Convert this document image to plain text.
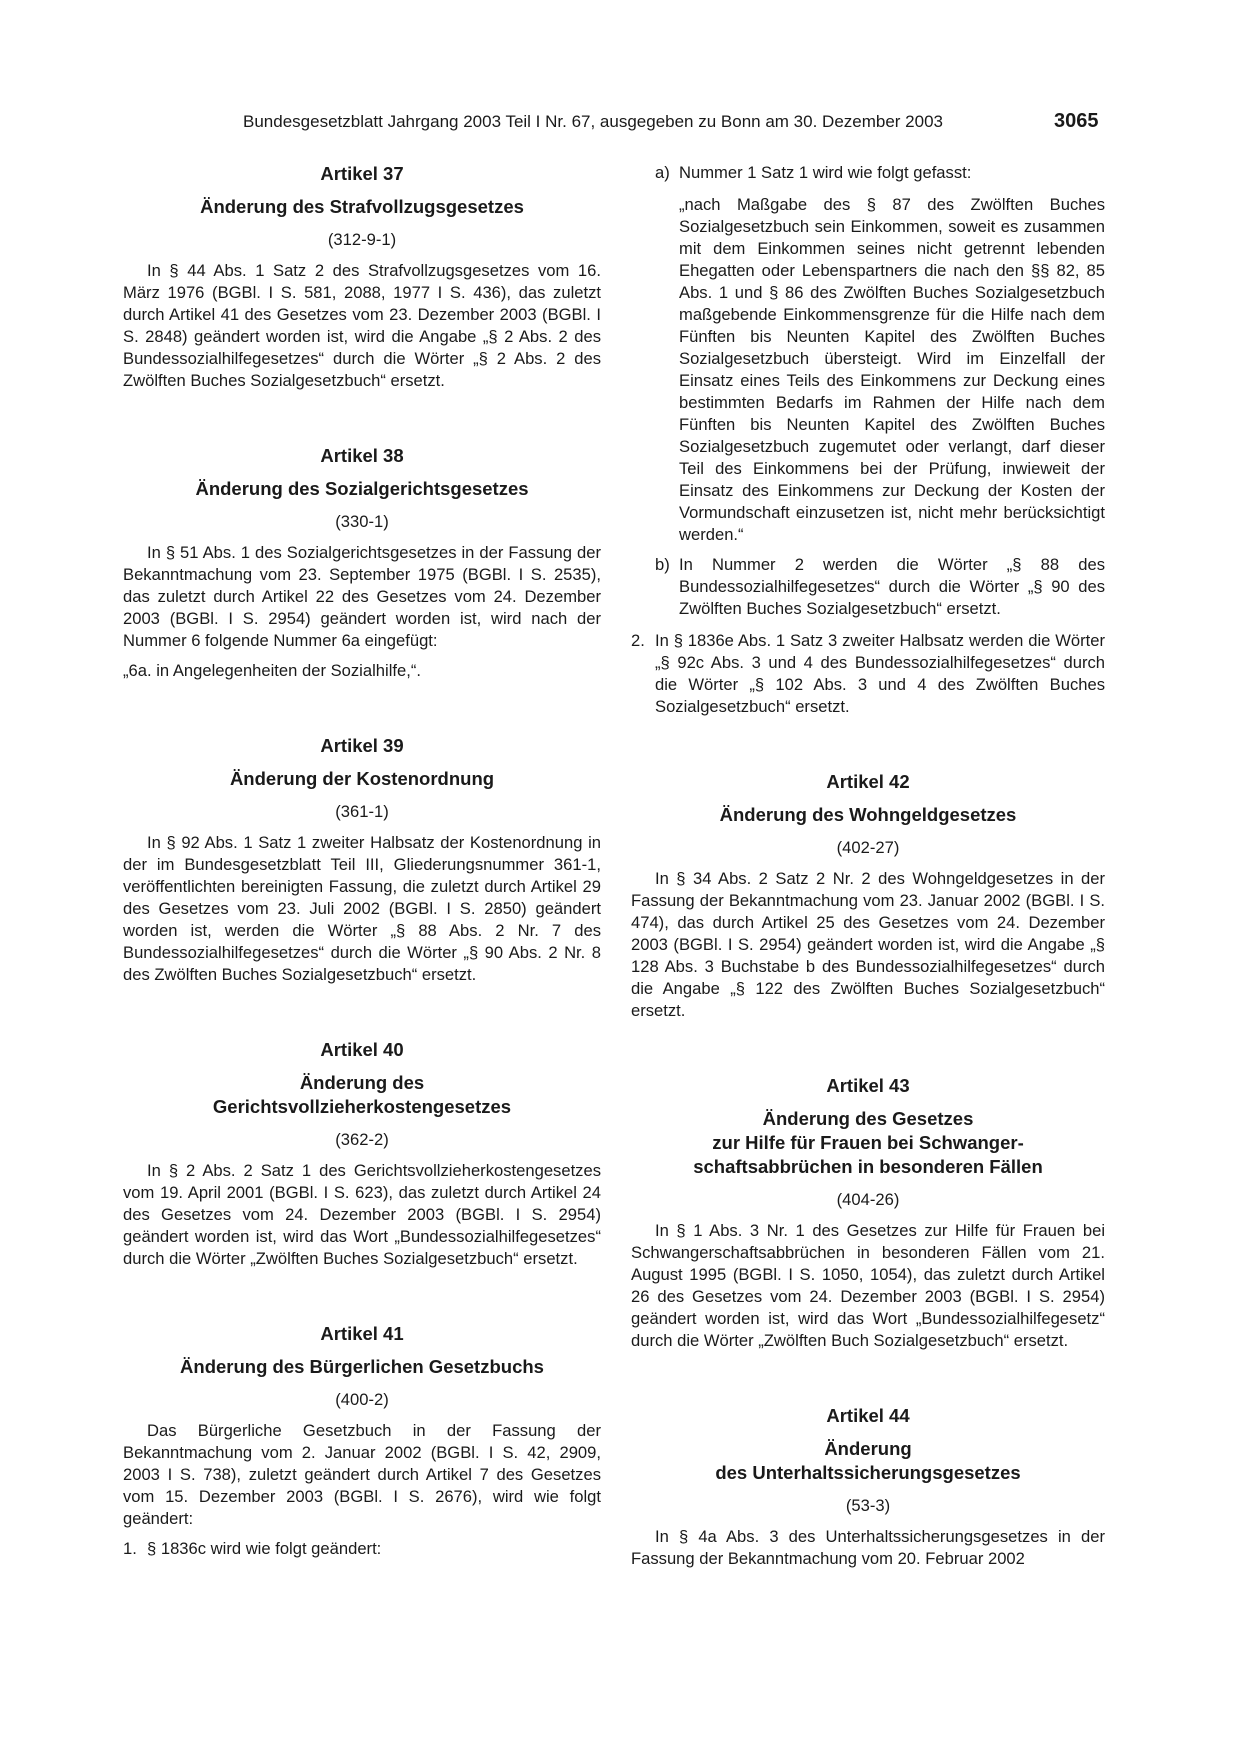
Bundesgesetzblatt Jahrgang 2003 Teil I Nr. 67, ausgegeben zu Bonn am 30. Dezember 2003	3065
Artikel 37
Änderung des Strafvollzugsgesetzes
(312-9-1)

In § 44 Abs. 1 Satz 2 des Strafvollzugsgesetzes vom 16. März 1976 (BGBl. I S. 581, 2088, 1977 I S. 436), das zuletzt durch Artikel 41 des Gesetzes vom 23. Dezember 2003 (BGBl. I S. 2848) geändert worden ist, wird die Angabe „§ 2 Abs. 2 des Bundessozialhilfegesetzes“ durch die Wörter „§ 2 Abs. 2 des Zwölften Buches Sozialgesetzbuch“ ersetzt.

Artikel 38
Änderung des Sozialgerichtsgesetzes
(330-1)

In § 51 Abs. 1 des Sozialgerichtsgesetzes in der Fassung der Bekanntmachung vom 23. September 1975 (BGBl. I S. 2535), das zuletzt durch Artikel 22 des Gesetzes vom 24. Dezember 2003 (BGBl. I S. 2954) geändert worden ist, wird nach der Nummer 6 folgende Nummer 6a eingefügt:

„6a. in Angelegenheiten der Sozialhilfe,“.

Artikel 39
Änderung der Kostenordnung
(361-1)

In § 92 Abs. 1 Satz 1 zweiter Halbsatz der Kostenordnung in der im Bundesgesetzblatt Teil III, Gliederungsnummer 361-1, veröffentlichten bereinigten Fassung, die zuletzt durch Artikel 29 des Gesetzes vom 23. Juli 2002 (BGBl. I S. 2850) geändert worden ist, werden die Wörter „§ 88 Abs. 2 Nr. 7 des Bundessozialhilfegesetzes“ durch die Wörter „§ 90 Abs. 2 Nr. 8 des Zwölften Buches Sozialgesetzbuch“ ersetzt.

Artikel 40
Änderung des
Gerichtsvollzieherkostengesetzes
(362-2)

In § 2 Abs. 2 Satz 1 des Gerichtsvollzieherkostengesetzes vom 19. April 2001 (BGBl. I S. 623), das zuletzt durch Artikel 24 des Gesetzes vom 24. Dezember 2003 (BGBl. I S. 2954) geändert worden ist, wird das Wort „Bundessozialhilfegesetzes“ durch die Wörter „Zwölften Buches Sozialgesetzbuch“ ersetzt.

Artikel 41
Änderung des Bürgerlichen Gesetzbuchs
(400-2)

Das Bürgerliche Gesetzbuch in der Fassung der Bekanntmachung vom 2. Januar 2002 (BGBl. I S. 42, 2909, 2003 I S. 738), zuletzt geändert durch Artikel 7 des Gesetzes vom 15. Dezember 2003 (BGBl. I S. 2676), wird wie folgt geändert:

1. § 1836c wird wie folgt geändert:
a) Nummer 1 Satz 1 wird wie folgt gefasst:

„nach Maßgabe des § 87 des Zwölften Buches Sozialgesetzbuch sein Einkommen, soweit es zusammen mit dem Einkommen seines nicht getrennt lebenden Ehegatten oder Lebenspartners die nach den §§ 82, 85 Abs. 1 und § 86 des Zwölften Buches Sozialgesetzbuch maßgebende Einkommensgrenze für die Hilfe nach dem Fünften bis Neunten Kapitel des Zwölften Buches Sozialgesetzbuch übersteigt. Wird im Einzelfall der Einsatz eines Teils des Einkommens zur Deckung eines bestimmten Bedarfs im Rahmen der Hilfe nach dem Fünften bis Neunten Kapitel des Zwölften Buches Sozialgesetzbuch zugemutet oder verlangt, darf dieser Teil des Einkommens bei der Prüfung, inwieweit der Einsatz des Einkommens zur Deckung der Kosten der Vormundschaft einzusetzen ist, nicht mehr berücksichtigt werden.“

b) In Nummer 2 werden die Wörter „§ 88 des Bundessozialhilfegesetzes“ durch die Wörter „§ 90 des Zwölften Buches Sozialgesetzbuch“ ersetzt.
2. In § 1836e Abs. 1 Satz 3 zweiter Halbsatz werden die Wörter „§ 92c Abs. 3 und 4 des Bundessozialhilfegesetzes“ durch die Wörter „§ 102 Abs. 3 und 4 des Zwölften Buches Sozialgesetzbuch“ ersetzt.
Artikel 42
Änderung des Wohngeldgesetzes
(402-27)

In § 34 Abs. 2 Satz 2 Nr. 2 des Wohngeldgesetzes in der Fassung der Bekanntmachung vom 23. Januar 2002 (BGBl. I S. 474), das durch Artikel 25 des Gesetzes vom 24. Dezember 2003 (BGBl. I S. 2954) geändert worden ist, wird die Angabe „§ 128 Abs. 3 Buchstabe b des Bundessozialhilfegesetzes“ durch die Angabe „§ 122 des Zwölften Buches Sozialgesetzbuch“ ersetzt.

Artikel 43
Änderung des Gesetzes
zur Hilfe für Frauen bei Schwanger-
schaftsabbrüchen in besonderen Fällen
(404-26)

In § 1 Abs. 3 Nr. 1 des Gesetzes zur Hilfe für Frauen bei Schwangerschaftsabbrüchen in besonderen Fällen vom 21. August 1995 (BGBl. I S. 1050, 1054), das zuletzt durch Artikel 26 des Gesetzes vom 24. Dezember 2003 (BGBl. I S. 2954) geändert worden ist, wird das Wort „Bundessozialhilfegesetz“ durch die Wörter „Zwölften Buch Sozialgesetzbuch“ ersetzt.

Artikel 44
Änderung
des Unterhaltssicherungsgesetzes
(53-3)

In § 4a Abs. 3 des Unterhaltssicherungsgesetzes in der Fassung der Bekanntmachung vom 20. Februar 2002
